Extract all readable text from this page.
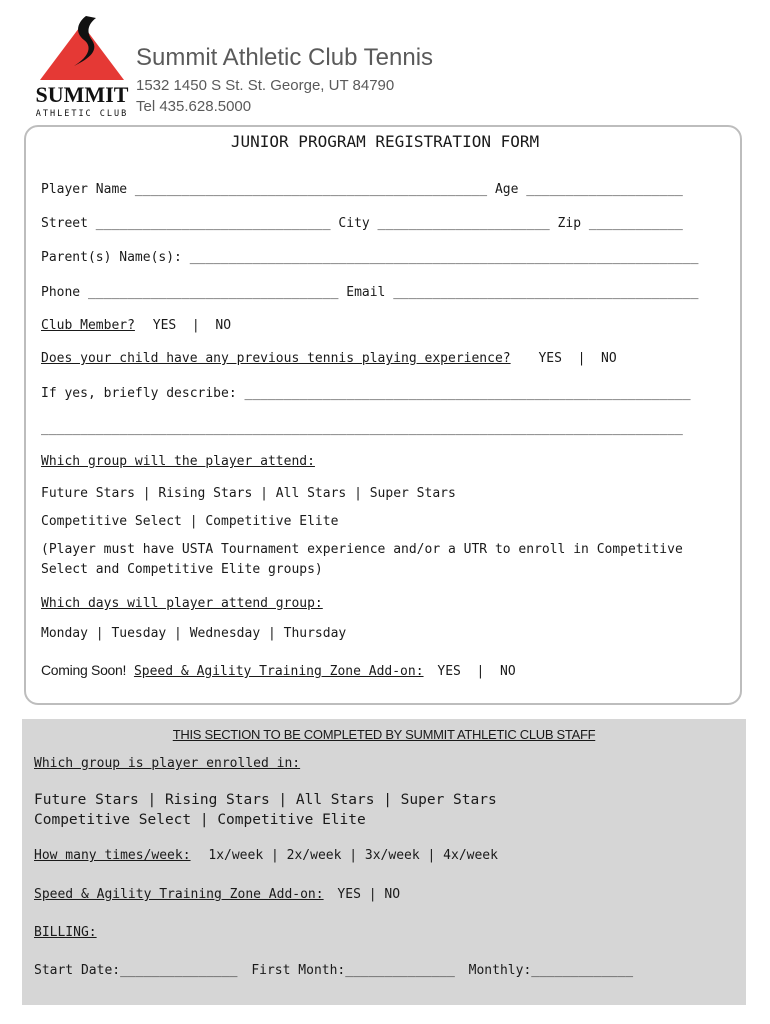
SUMMIT
ATHLETIC CLUB
Summit Athletic Club Tennis
1532 1450 S St. St. George, UT 84790
Tel 435.628.5000
JUNIOR PROGRAM REGISTRATION FORM
Player Name _____________________________________________ Age ____________________
Street ______________________________ City ______________________ Zip ____________
Parent(s) Name(s): _________________________________________________________________
Phone ________________________________ Email _______________________________________
Club Member? YES  |  NO
Does your child have any previous tennis playing experience? YES  |  NO
If yes, briefly describe: _________________________________________________________
__________________________________________________________________________________
Which group will the player attend:
Future Stars | Rising Stars | All Stars | Super Stars
Competitive Select | Competitive Elite
(Player must have USTA Tournament experience and/or a UTR to enroll in Competitive
Select and Competitive Elite groups)
Which days will player attend group:
Monday | Tuesday | Wednesday | Thursday
Coming Soon! Speed & Agility Training Zone Add-on: YES  |  NO
THIS SECTION TO BE COMPLETED BY SUMMIT ATHLETIC CLUB STAFF
Which group is player enrolled in:
Future Stars | Rising Stars | All Stars | Super Stars
Competitive Select | Competitive Elite
How many times/week: 1x/week | 2x/week | 3x/week | 4x/week
Speed & Agility Training Zone Add-on: YES | NO
BILLING:
Start Date:_______________ First Month:______________ Monthly:_____________
